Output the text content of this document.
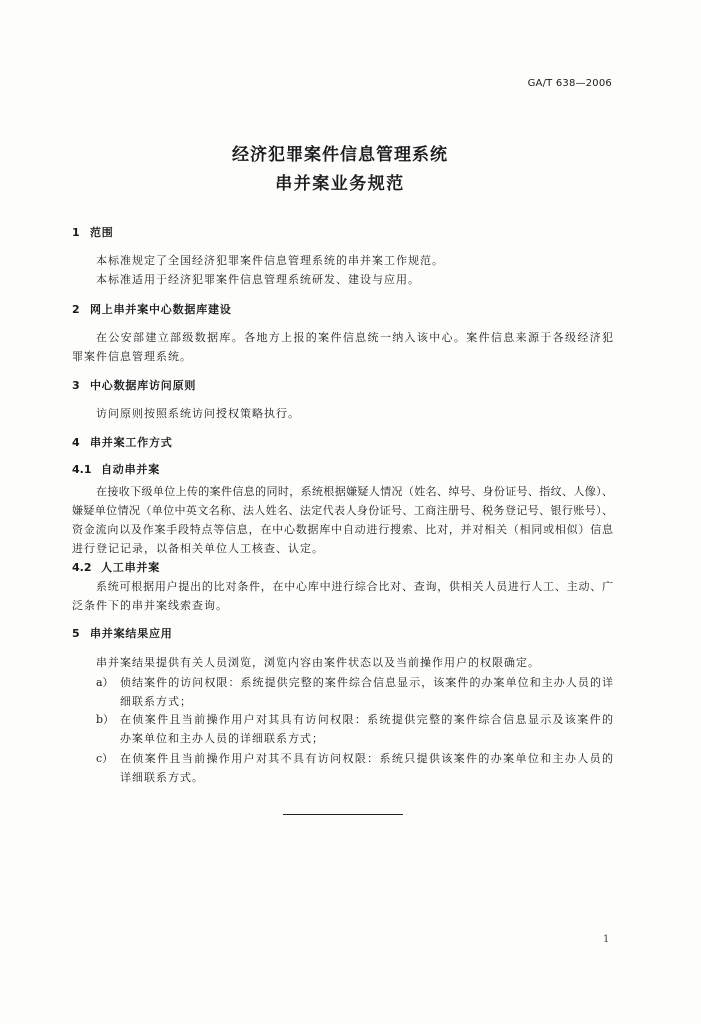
GA/T 638—2006
经济犯罪案件信息管理系统
串并案业务规范
1 范围
本标准规定了全国经济犯罪案件信息管理系统的串并案工作规范。
本标准适用于经济犯罪案件信息管理系统研发、建设与应用。
2 网上串并案中心数据库建设
在公安部建立部级数据库。各地方上报的案件信息统一纳入该中心。案件信息来源于各级经济犯
罪案件信息管理系统。
3 中心数据库访问原则
访问原则按照系统访问授权策略执行。
4 串并案工作方式
4.1 自动串并案
在接收下级单位上传的案件信息的同时，系统根据嫌疑人情况（姓名、绰号、身份证号、指纹、人像）、
嫌疑单位情况（单位中英文名称、法人姓名、法定代表人身份证号、工商注册号、税务登记号、银行账号）、
资金流向以及作案手段特点等信息，在中心数据库中自动进行搜索、比对，并对相关（相同或相似）信息
进行登记记录，以备相关单位人工核查、认定。
4.2 人工串并案
系统可根据用户提出的比对条件，在中心库中进行综合比对、查询，供相关人员进行人工、主动、广
泛条件下的串并案线索查询。
5 串并案结果应用
串并案结果提供有关人员浏览，浏览内容由案件状态以及当前操作用户的权限确定。
a） 侦结案件的访问权限：系统提供完整的案件综合信息显示，该案件的办案单位和主办人员的详
细联系方式；
b） 在侦案件且当前操作用户对其具有访问权限：系统提供完整的案件综合信息显示及该案件的
办案单位和主办人员的详细联系方式；
c） 在侦案件且当前操作用户对其不具有访问权限：系统只提供该案件的办案单位和主办人员的
详细联系方式。
1
